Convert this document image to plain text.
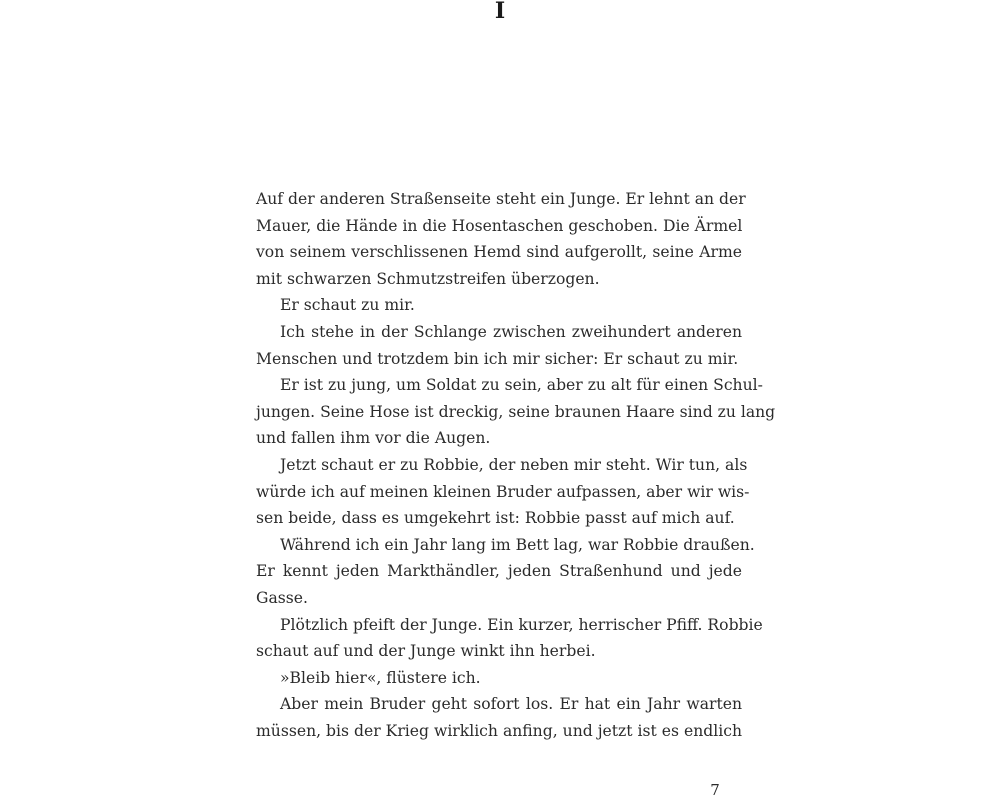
I
Auf der anderen Straßenseite steht ein Junge. Er lehnt an der
Mauer, die Hände in die Hosentaschen geschoben. Die Ärmel
von seinem verschlissenen Hemd sind aufgerollt, seine Arme
mit schwarzen Schmutzstreifen überzogen.
Er schaut zu mir.
Ich stehe in der Schlange zwischen zweihundert anderen
Menschen und trotzdem bin ich mir sicher: Er schaut zu mir.
Er ist zu jung, um Soldat zu sein, aber zu alt für einen Schul-
jungen. Seine Hose ist dreckig, seine braunen Haare sind zu lang
und fallen ihm vor die Augen.
Jetzt schaut er zu Robbie, der neben mir steht. Wir tun, als
würde ich auf meinen kleinen Bruder aufpassen, aber wir wis-
sen beide, dass es umgekehrt ist: Robbie passt auf mich auf.
Während ich ein Jahr lang im Bett lag, war Robbie draußen.
Er kennt jeden Markthändler, jeden Straßenhund und jede
Gasse.
Plötzlich pfeift der Junge. Ein kurzer, herrischer Pfiff. Robbie
schaut auf und der Junge winkt ihn herbei.
»Bleib hier«, flüstere ich.
Aber mein Bruder geht sofort los. Er hat ein Jahr warten
müssen, bis der Krieg wirklich anfing, und jetzt ist es endlich
7
